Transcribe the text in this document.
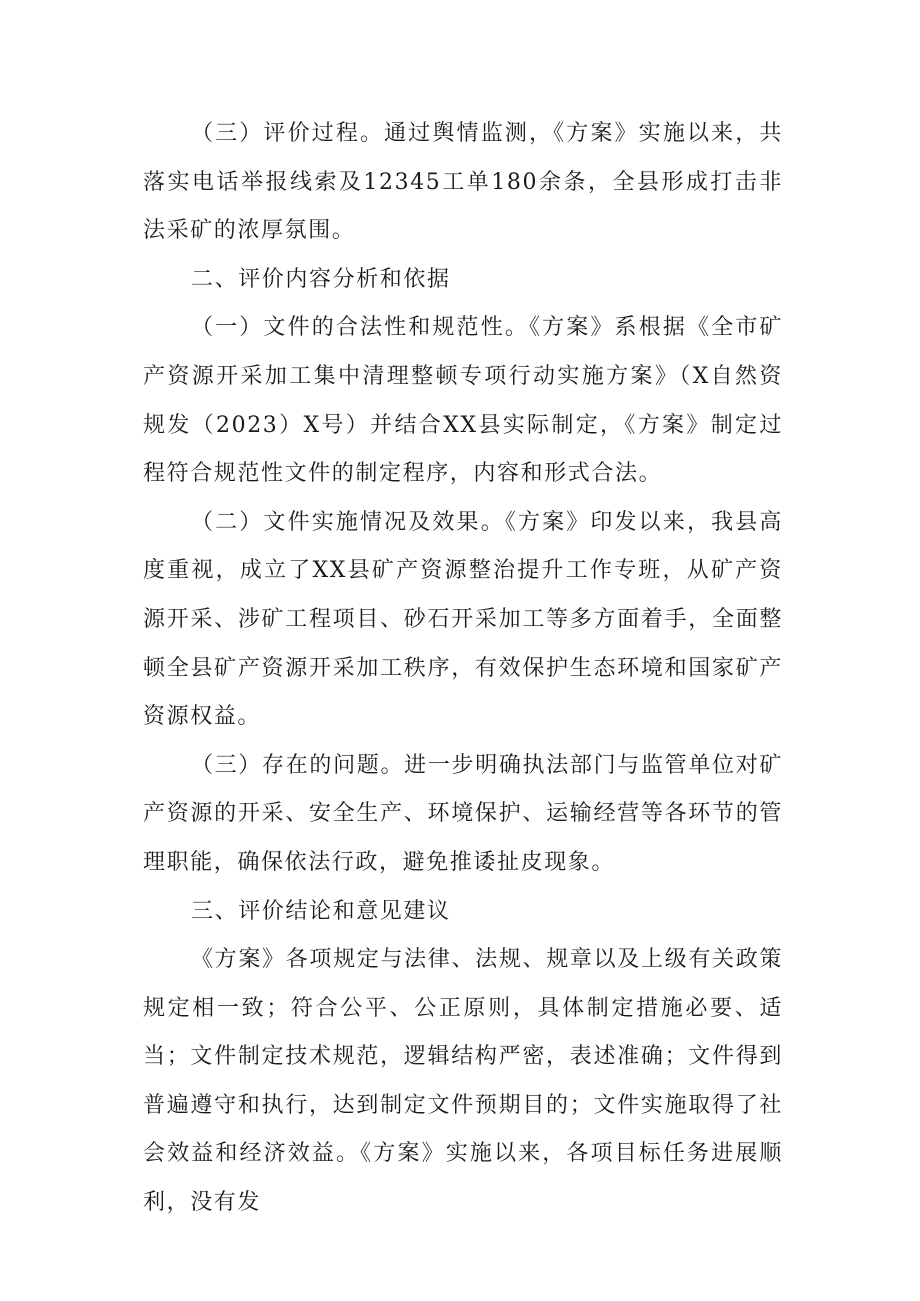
（三）评价过程。通过舆情监测，《方案》实施以来，共落实电话举报线索及12345工单180余条，全县形成打击非法采矿的浓厚氛围。

二、评价内容分析和依据

（一）文件的合法性和规范性。《方案》系根据《全市矿产资源开采加工集中清理整顿专项行动实施方案》（X自然资规发（2023）X号）并结合XX县实际制定，《方案》制定过程符合规范性文件的制定程序，内容和形式合法。

（二）文件实施情况及效果。《方案》印发以来，我县高度重视，成立了XX县矿产资源整治提升工作专班，从矿产资源开采、涉矿工程项目、砂石开采加工等多方面着手，全面整顿全县矿产资源开采加工秩序，有效保护生态环境和国家矿产资源权益。

（三）存在的问题。进一步明确执法部门与监管单位对矿产资源的开采、安全生产、环境保护、运输经营等各环节的管理职能，确保依法行政，避免推诿扯皮现象。

三、评价结论和意见建议

《方案》各项规定与法律、法规、规章以及上级有关政策规定相一致；符合公平、公正原则，具体制定措施必要、适当；文件制定技术规范，逻辑结构严密，表述准确；文件得到普遍遵守和执行，达到制定文件预期目的；文件实施取得了社会效益和经济效益。《方案》实施以来，各项目标任务进展顺利，没有发
